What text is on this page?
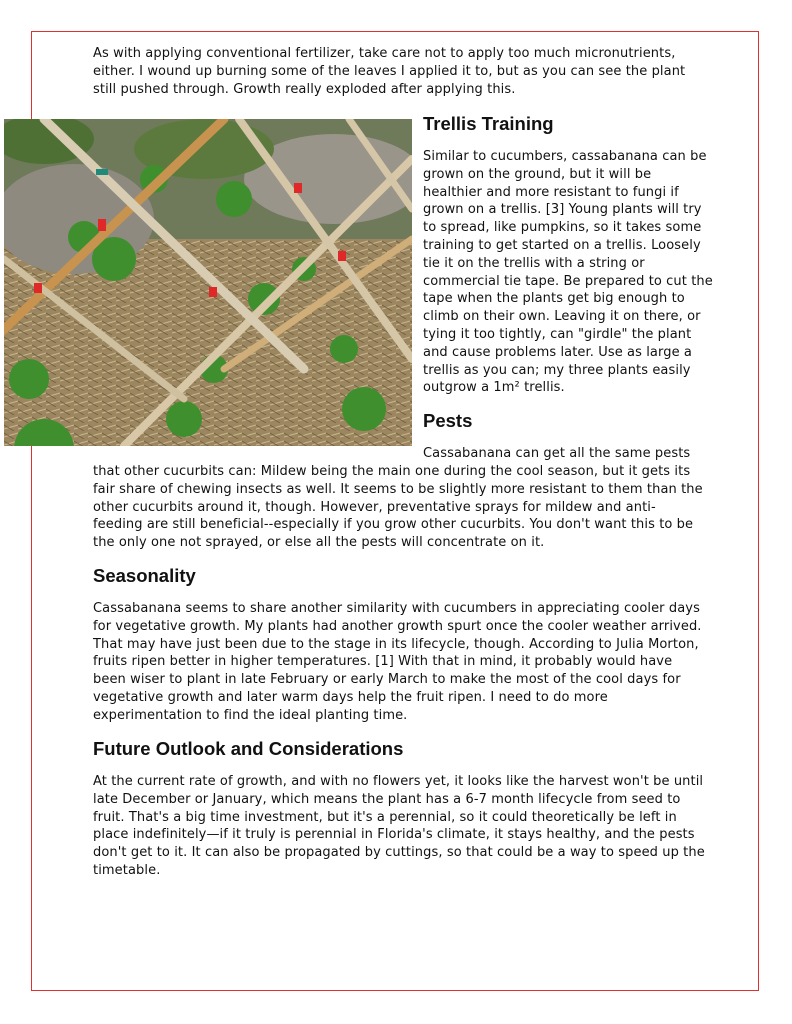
As with applying conventional fertilizer, take care not to apply too much micronutrients, either. I wound up burning some of the leaves I applied it to, but as you can see the plant still pushed through. Growth really exploded after applying this.

Trellis Training

Similar to cucumbers, cassabanana can be grown on the ground, but it will be healthier and more resistant to fungi if grown on a trellis. [3] Young plants will try to spread, like pumpkins, so it takes some training to get started on a trellis. Loosely tie it on the trellis with a string or commercial tie tape. Be prepared to cut the tape when the plants get big enough to climb on their own. Leaving it on there, or tying it too tightly, can "girdle" the plant and cause problems later. Use as large a trellis as you can; my three plants easily outgrow a 1m² trellis.

Pests

Cassabanana can get all the same pests

that other cucurbits can: Mildew being the main one during the cool season, but it gets its fair share of chewing insects as well. It seems to be slightly more resistant to them than the other cucurbits around it, though. However, preventative sprays for mildew and anti-feeding are still beneficial--especially if you grow other cucurbits. You don't want this to be the only one not sprayed, or else all the pests will concentrate on it.

Seasonality

Cassabanana seems to share another similarity with cucumbers in appreciating cooler days for vegetative growth. My plants had another growth spurt once the cooler weather arrived. That may have just been due to the stage in its lifecycle, though. According to Julia Morton, fruits ripen better in higher temperatures. [1] With that in mind, it probably would have been wiser to plant in late February or early March to make the most of the cool days for vegetative growth and later warm days help the fruit ripen. I need to do more experimentation to find the ideal planting time.

Future Outlook and Considerations

At the current rate of growth, and with no flowers yet, it looks like the harvest won't be until late December or January, which means the plant has a 6-7 month lifecycle from seed to fruit. That's a big time investment, but it's a perennial, so it could theoretically be left in place indefinitely—if it truly is perennial in Florida's climate, it stays healthy, and the pests don't get to it. It can also be propagated by cuttings, so that could be a way to speed up the timetable.
